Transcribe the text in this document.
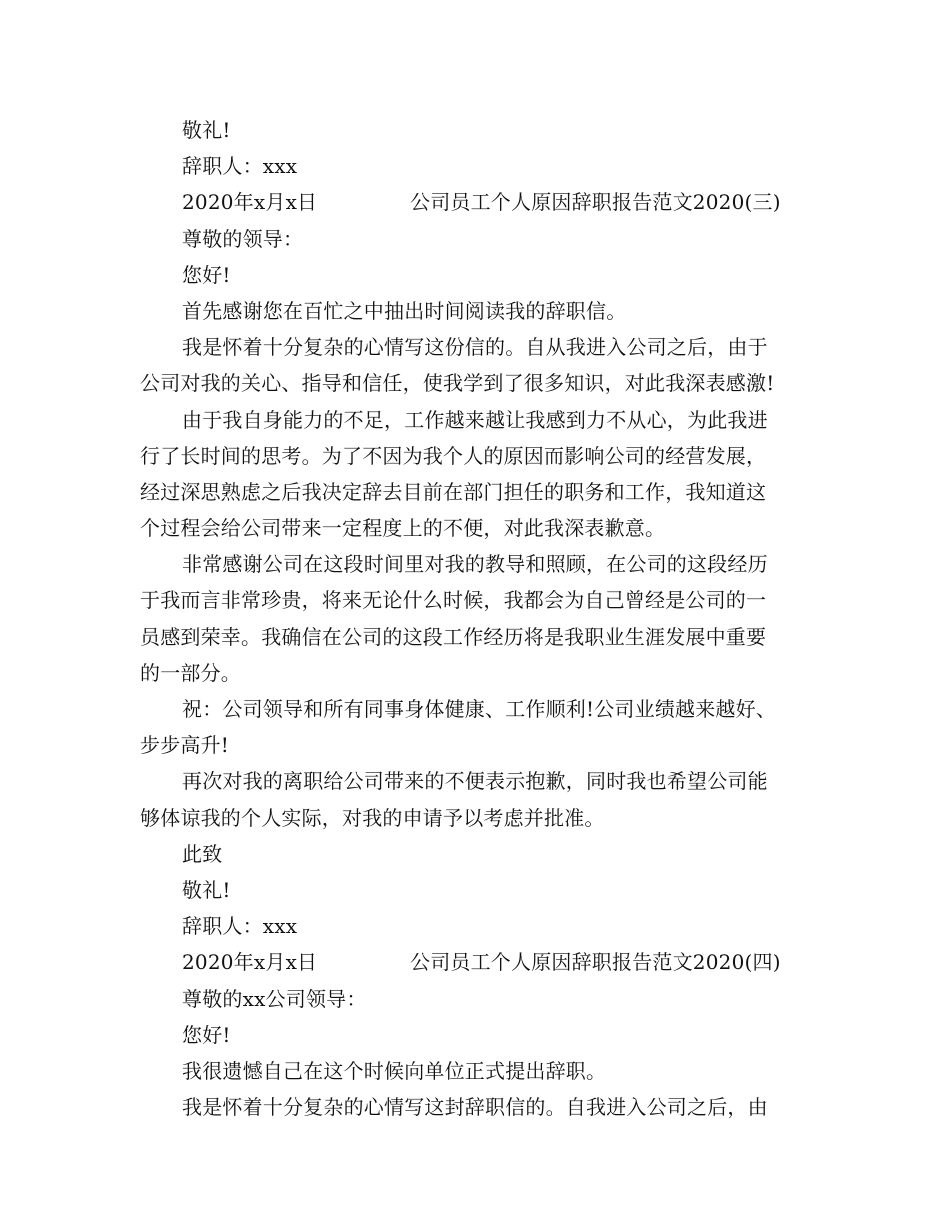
敬礼!
辞职人：xxx
2020年x月x日	公司员工个人原因辞职报告范文2020(三)
尊敬的领导：
您好!
首先感谢您在百忙之中抽出时间阅读我的辞职信。
我是怀着十分复杂的心情写这份信的。自从我进入公司之后，由于
公司对我的关心、指导和信任，使我学到了很多知识，对此我深表感激!
由于我自身能力的不足，工作越来越让我感到力不从心，为此我进
行了长时间的思考。为了不因为我个人的原因而影响公司的经营发展，
经过深思熟虑之后我决定辞去目前在部门担任的职务和工作，我知道这
个过程会给公司带来一定程度上的不便，对此我深表歉意。
非常感谢公司在这段时间里对我的教导和照顾，在公司的这段经历
于我而言非常珍贵，将来无论什么时候，我都会为自己曾经是公司的一
员感到荣幸。我确信在公司的这段工作经历将是我职业生涯发展中重要
的一部分。
祝：公司领导和所有同事身体健康、工作顺利!公司业绩越来越好、
步步高升!
再次对我的离职给公司带来的不便表示抱歉，同时我也希望公司能
够体谅我的个人实际，对我的申请予以考虑并批准。
此致
敬礼!
辞职人：xxx
2020年x月x日	公司员工个人原因辞职报告范文2020(四)
尊敬的xx公司领导：
您好!
我很遗憾自己在这个时候向单位正式提出辞职。
我是怀着十分复杂的心情写这封辞职信的。自我进入公司之后，由
